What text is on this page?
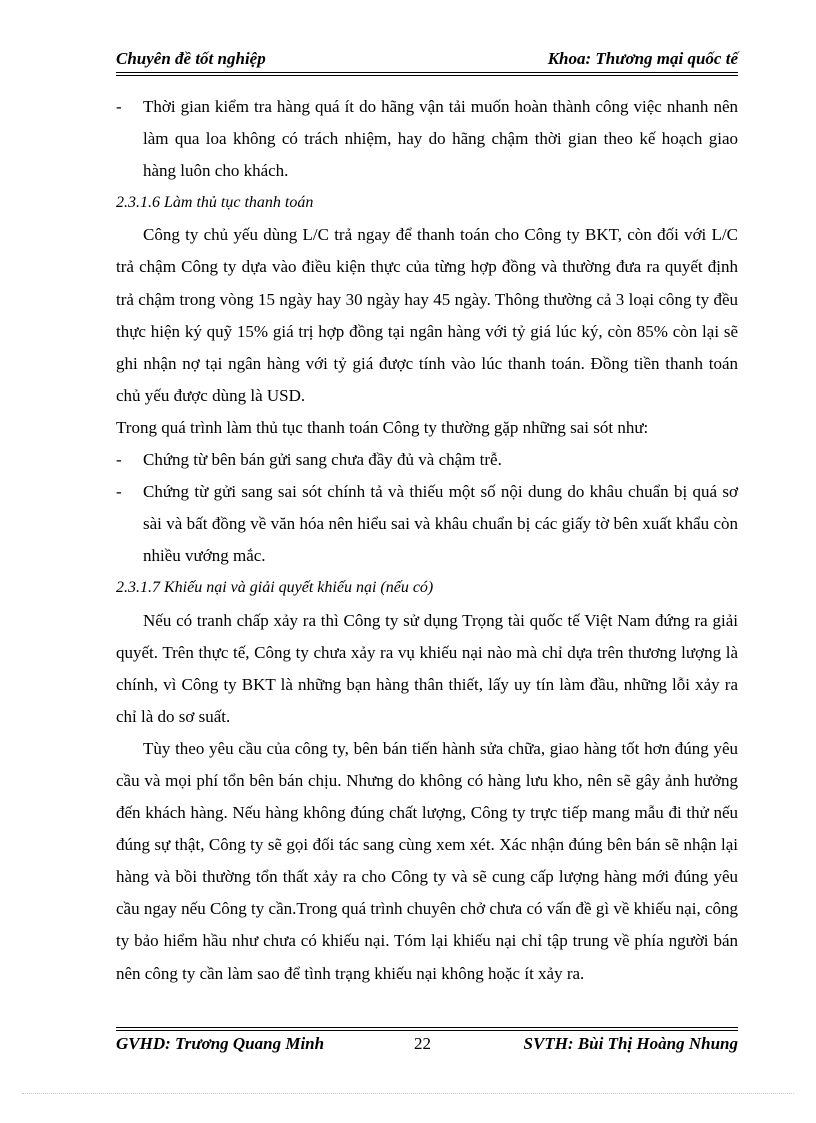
Chuyên đề tốt nghiệp	Khoa: Thương mại quốc tế

- Thời gian kiểm tra hàng quá ít do hãng vận tải muốn hoàn thành công việc nhanh nên làm qua loa không có trách nhiệm, hay do hãng chậm thời gian theo kế hoạch giao hàng luôn cho khách.

2.3.1.6 Làm thủ tục thanh toán

Công ty chủ yếu dùng L/C trả ngay để thanh toán cho Công ty BKT, còn đối với L/C trả chậm Công ty dựa vào điều kiện thực của từng hợp đồng và thường đưa ra quyết định trả chậm trong vòng 15 ngày hay 30 ngày hay 45 ngày. Thông thường cả 3 loại công ty đều thực hiện ký quỹ 15% giá trị hợp đồng tại ngân hàng với tỷ giá lúc ký, còn 85% còn lại sẽ ghi nhận nợ tại ngân hàng với tỷ giá được tính vào lúc thanh toán. Đồng tiền thanh toán chủ yếu được dùng là USD.

Trong quá trình làm thủ tục thanh toán Công ty thường gặp những sai sót như:

- Chứng từ bên bán gửi sang chưa đầy đủ và chậm trễ.

- Chứng từ gửi sang sai sót chính tả và thiếu một số nội dung do khâu chuẩn bị quá sơ sài và bất đồng về văn hóa nên hiểu sai và khâu chuẩn bị các giấy tờ bên xuất khẩu còn nhiều vướng mắc.

2.3.1.7 Khiếu nại và giải quyết khiếu nại (nếu có)

Nếu có tranh chấp xảy ra thì Công ty sử dụng Trọng tài quốc tế Việt Nam đứng ra giải quyết. Trên thực tế, Công ty chưa xảy ra vụ khiếu nại nào mà chỉ dựa trên thương lượng là chính, vì Công ty BKT là những bạn hàng thân thiết, lấy uy tín làm đầu, những lỗi xảy ra chỉ là do sơ suất.

Tùy theo yêu cầu của công ty, bên bán tiến hành sửa chữa, giao hàng tốt hơn đúng yêu cầu và mọi phí tổn bên bán chịu. Nhưng do không có hàng lưu kho, nên sẽ gây ảnh hưởng đến khách hàng. Nếu hàng không đúng chất lượng, Công ty trực tiếp mang mẫu đi thử nếu đúng sự thật, Công ty sẽ gọi đối tác sang cùng xem xét. Xác nhận đúng bên bán sẽ nhận lại hàng và bồi thường tổn thất xảy ra cho Công ty và sẽ cung cấp lượng hàng mới đúng yêu cầu ngay nếu Công ty cần.Trong quá trình chuyên chở chưa có vấn đề gì về khiếu nại, công ty bảo hiểm hầu như chưa có khiếu nại. Tóm lại khiếu nại chỉ tập trung về phía người bán nên công ty cần làm sao để tình trạng khiếu nại không hoặc ít xảy ra.

GVHD: Trương Quang Minh	22	SVTH: Bùi Thị Hoàng Nhung
